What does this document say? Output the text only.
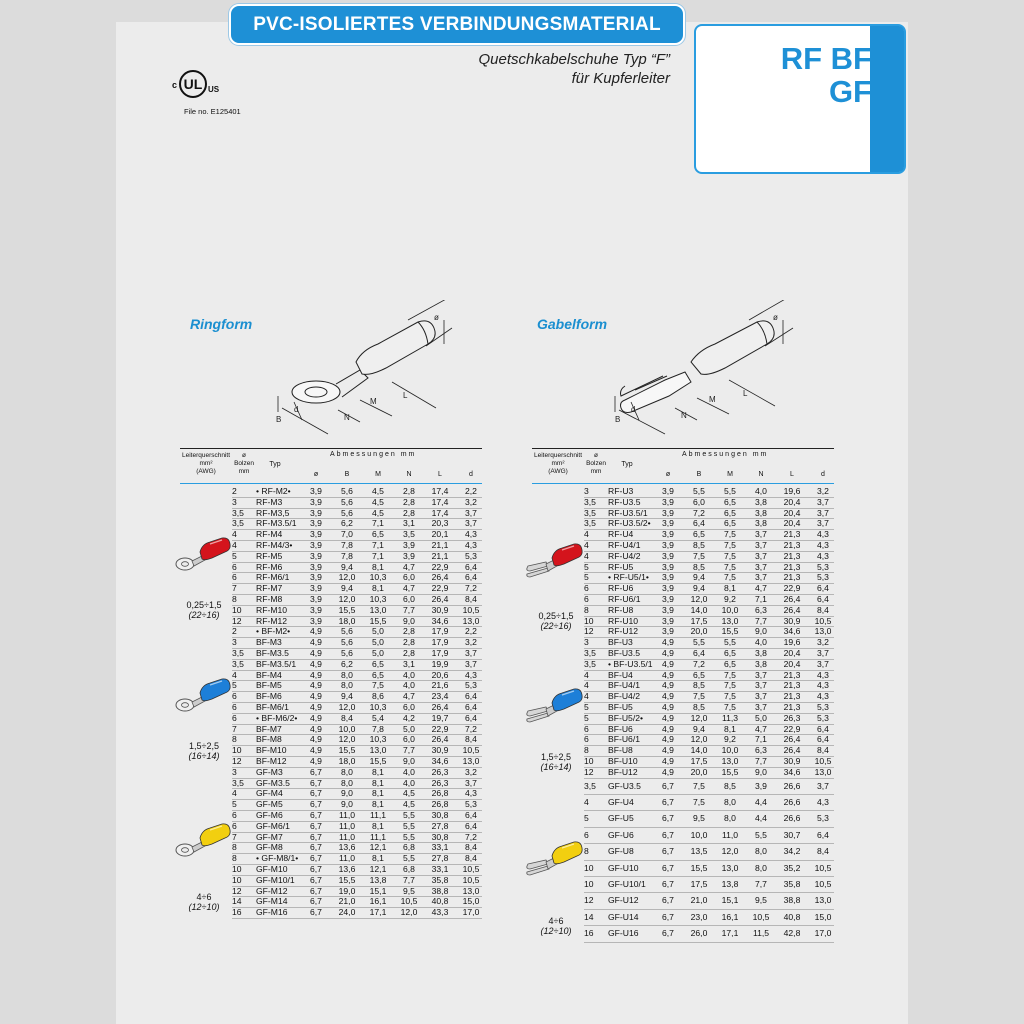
PVC-ISOLIERTES VERBINDUNGSMATERIAL
Quetschkabelschuhe Typ “F”
für Kupferleiter
UL
c	US
File no. E125401
RF BF
GF
Ringform	Gabelform
ø
B
d
N
M
L
ø
B
d
N
M
L
Leiterquerschnitt
mm²
(AWG)
ø
Bolzen
mm
Typ
Abmessungen mm
ø	B	M	N	L	d
2	• RF-M2•	3,9	5,6	4,5	2,8	17,4	2,2
3	RF-M3	3,9	5,6	4,5	2,8	17,4	3,2
3,5	RF-M3,5	3,9	5,6	4,5	2,8	17,4	3,7
3,5	RF-M3.5/1	3,9	6,2	7,1	3,1	20,3	3,7
4	RF-M4	3,9	7,0	6,5	3,5	20,1	4,3
4	RF-M4/3•	3,9	7,8	7,1	3,9	21,1	4,3
5	RF-M5	3,9	7,8	7,1	3,9	21,1	5,3
6	RF-M6	3,9	9,4	8,1	4,7	22,9	6,4
6	RF-M6/1	3,9	12,0	10,3	6,0	26,4	6,4
7	RF-M7	3,9	9,4	8,1	4,7	22,9	7,2
8	RF-M8	3,9	12,0	10,3	6,0	26,4	8,4
10	RF-M10	3,9	15,5	13,0	7,7	30,9	10,5
12	RF-M12	3,9	18,0	15,5	9,0	34,6	13,0
0,25÷1,5
(22÷16)
2	• BF-M2•	4,9	5,6	5,0	2,8	17,9	2,2
3	BF-M3	4,9	5,6	5,0	2,8	17,9	3,2
3,5	BF-M3.5	4,9	5,6	5,0	2,8	17,9	3,7
3,5	BF-M3.5/1	4,9	6,2	6,5	3,1	19,9	3,7
4	BF-M4	4,9	8,0	6,5	4,0	20,6	4,3
5	BF-M5	4,9	8,0	7,5	4,0	21,6	5,3
6	BF-M6	4,9	9,4	8,6	4,7	23,4	6,4
6	BF-M6/1	4,9	12,0	10,3	6,0	26,4	6,4
6	• BF-M6/2•	4,9	8,4	5,4	4,2	19,7	6,4
7	BF-M7	4,9	10,0	7,8	5,0	22,9	7,2
8	BF-M8	4,9	12,0	10,3	6,0	26,4	8,4
10	BF-M10	4,9	15,5	13,0	7,7	30,9	10,5
12	BF-M12	4,9	18,0	15,5	9,0	34,6	13,0
1,5÷2,5
(16÷14)
3	GF-M3	6,7	8,0	8,1	4,0	26,3	3,2
3,5	GF-M3.5	6,7	8,0	8,1	4,0	26,3	3,7
4	GF-M4	6,7	9,0	8,1	4,5	26,8	4,3
5	GF-M5	6,7	9,0	8,1	4,5	26,8	5,3
6	GF-M6	6,7	11,0	11,1	5,5	30,8	6,4
6	GF-M6/1	6,7	11,0	8,1	5,5	27,8	6,4
7	GF-M7	6,7	11,0	11,1	5,5	30,8	7,2
8	GF-M8	6,7	13,6	12,1	6,8	33,1	8,4
8	• GF-M8/1•	6,7	11,0	8,1	5,5	27,8	8,4
10	GF-M10	6,7	13,6	12,1	6,8	33,1	10,5
10	GF-M10/1	6,7	15,5	13,8	7,7	35,8	10,5
12	GF-M12	6,7	19,0	15,1	9,5	38,8	13,0
14	GF-M14	6,7	21,0	16,1	10,5	40,8	15,0
16	GF-M16	6,7	24,0	17,1	12,0	43,3	17,0
4÷6
(12÷10)
Leiterquerschnitt
mm²
(AWG)
ø
Bolzen
mm
Typ
Abmessungen mm
ø	B	M	N	L	d
3	RF-U3	3,9	5,5	5,5	4,0	19,6	3,2
3,5	RF-U3.5	3,9	6,0	6,5	3,8	20,4	3,7
3,5	RF-U3.5/1	3,9	7,2	6,5	3,8	20,4	3,7
3,5	RF-U3.5/2•	3,9	6,4	6,5	3,8	20,4	3,7
4	RF-U4	3,9	6,5	7,5	3,7	21,3	4,3
4	RF-U4/1	3,9	8,5	7,5	3,7	21,3	4,3
4	RF-U4/2	3,9	7,5	7,5	3,7	21,3	4,3
5	RF-U5	3,9	8,5	7,5	3,7	21,3	5,3
5	• RF-U5/1•	3,9	9,4	7,5	3,7	21,3	5,3
6	RF-U6	3,9	9,4	8,1	4,7	22,9	6,4
6	RF-U6/1	3,9	12,0	9,2	7,1	26,4	6,4
8	RF-U8	3,9	14,0	10,0	6,3	26,4	8,4
10	RF-U10	3,9	17,5	13,0	7,7	30,9	10,5
12	RF-U12	3,9	20,0	15,5	9,0	34,6	13,0
0,25÷1,5
(22÷16)
3	BF-U3	4,9	5,5	5,5	4,0	19,6	3,2
3,5	BF-U3.5	4,9	6,4	6,5	3,8	20,4	3,7
3,5	• BF-U3.5/1	4,9	7,2	6,5	3,8	20,4	3,7
4	BF-U4	4,9	6,5	7,5	3,7	21,3	4,3
4	BF-U4/1	4,9	8,5	7,5	3,7	21,3	4,3
4	BF-U4/2	4,9	7,5	7,5	3,7	21,3	4,3
5	BF-U5	4,9	8,5	7,5	3,7	21,3	5,3
5	BF-U5/2•	4,9	12,0	11,3	5,0	26,3	5,3
6	BF-U6	4,9	9,4	8,1	4,7	22,9	6,4
6	BF-U6/1	4,9	12,0	9,2	7,1	26,4	6,4
8	BF-U8	4,9	14,0	10,0	6,3	26,4	8,4
10	BF-U10	4,9	17,5	13,0	7,7	30,9	10,5
12	BF-U12	4,9	20,0	15,5	9,0	34,6	13,0
1,5÷2,5
(16÷14)
3,5	GF-U3.5	6,7	7,5	8,5	3,9	26,6	3,7
4	GF-U4	6,7	7,5	8,0	4,4	26,6	4,3
5	GF-U5	6,7	9,5	8,0	4,4	26,6	5,3
6	GF-U6	6,7	10,0	11,0	5,5	30,7	6,4
8	GF-U8	6,7	13,5	12,0	8,0	34,2	8,4
10	GF-U10	6,7	15,5	13,0	8,0	35,2	10,5
10	GF-U10/1	6,7	17,5	13,8	7,7	35,8	10,5
12	GF-U12	6,7	21,0	15,1	9,5	38,8	13,0
14	GF-U14	6,7	23,0	16,1	10,5	40,8	15,0
16	GF-U16	6,7	26,0	17,1	11,5	42,8	17,0
4÷6
(12÷10)
